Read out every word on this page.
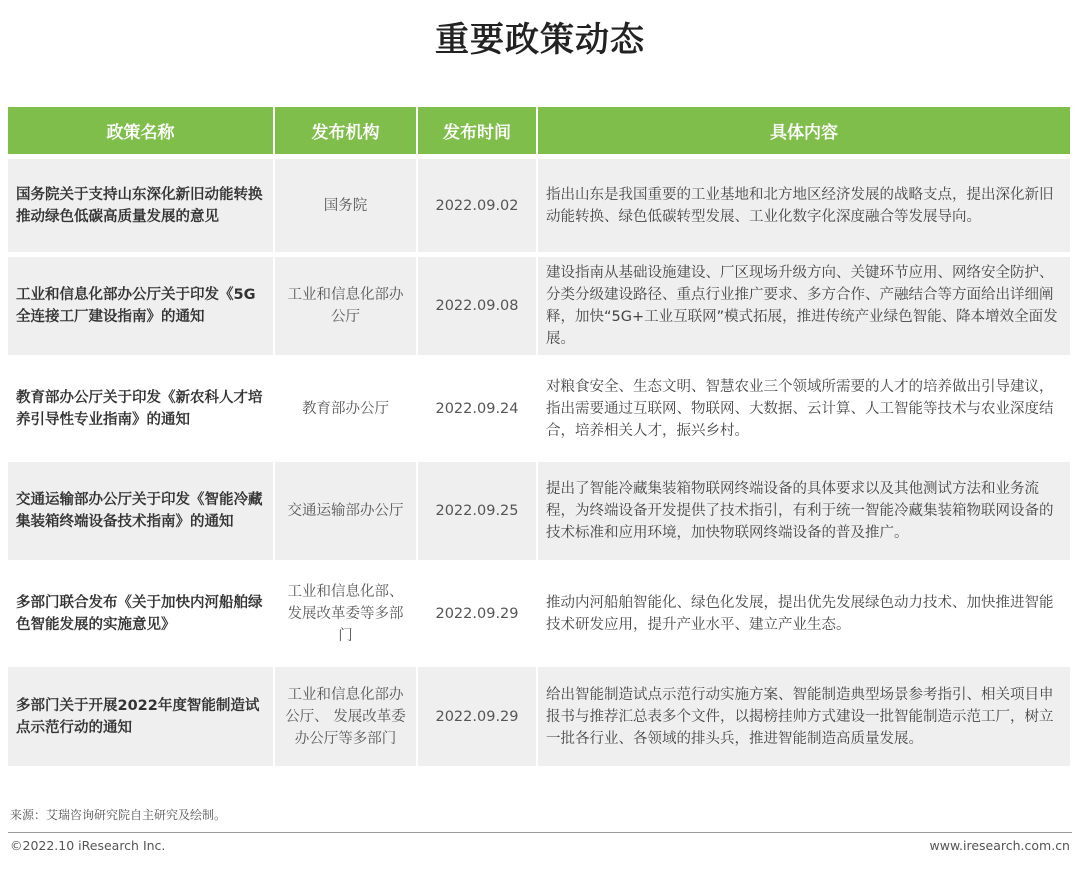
重要政策动态
政策名称	发布机构	发布时间	具体内容
国务院关于支持山东深化新旧动能转换推动绿色低碳高质量发展的意见	国务院	2022.09.02	指出山东是我国重要的工业基地和北方地区经济发展的战略支点，提出深化新旧动能转换、绿色低碳转型发展、工业化数字化深度融合等发展导向。
工业和信息化部办公厅关于印发《5G全连接工厂建设指南》的通知	工业和信息化部办公厅	2022.09.08	建设指南从基础设施建设、厂区现场升级方向、关键环节应用、网络安全防护、分类分级建设路径、重点行业推广要求、多方合作、产融结合等方面给出详细阐释，加快“5G+工业互联网”模式拓展，推进传统产业绿色智能、降本增效全面发展。
教育部办公厅关于印发《新农科人才培养引导性专业指南》的通知	教育部办公厅	2022.09.24	对粮食安全、生态文明、智慧农业三个领域所需要的人才的培养做出引导建议，指出需要通过互联网、物联网、大数据、云计算、人工智能等技术与农业深度结合，培养相关人才，振兴乡村。
交通运输部办公厅关于印发《智能冷藏集装箱终端设备技术指南》的通知	交通运输部办公厅	2022.09.25	提出了智能冷藏集装箱物联网终端设备的具体要求以及其他测试方法和业务流程，为终端设备开发提供了技术指引，有利于统一智能冷藏集装箱物联网设备的技术标准和应用环境，加快物联网终端设备的普及推广。
多部门联合发布《关于加快内河船舶绿色智能发展的实施意见》	工业和信息化部、发展改革委等多部门	2022.09.29	推动内河船舶智能化、绿色化发展，提出优先发展绿色动力技术、加快推进智能技术研发应用，提升产业水平、建立产业生态。
多部门关于开展2022年度智能制造试点示范行动的通知	工业和信息化部办公厅、 发展改革委办公厅等多部门	2022.09.29	给出智能制造试点示范行动实施方案、智能制造典型场景参考指引、相关项目申报书与推荐汇总表多个文件，以揭榜挂帅方式建设一批智能制造示范工厂，树立一批各行业、各领域的排头兵，推进智能制造高质量发展。
来源：艾瑞咨询研究院自主研究及绘制。
©2022.10 iResearch Inc.	www.iresearch.com.cn
